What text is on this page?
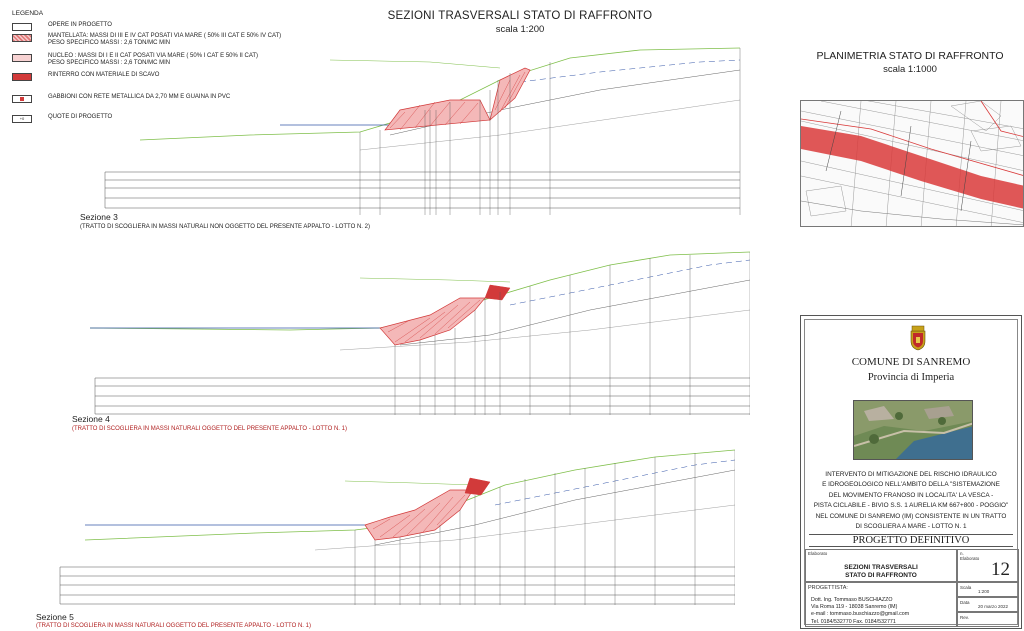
LEGENDA
OPERE IN PROGETTO
MANTELLATA: MASSI DI III E IV CAT POSATI VIA MARE ( 50% III CAT E 50% IV CAT)
PESO SPECIFICO MASSI : 2,6 TON/MC MIN
NUCLEO : MASSI DI I E II CAT POSATI VIA MARE ( 50% I CAT E 50% II CAT)
PESO SPECIFICO MASSI : 2,6 TON/MC MIN
RINTERRO CON MATERIALE DI SCAVO
GABBIONI CON RETE METALLICA DA 2,70 MM E GUAINA IN PVC
+0	QUOTE DI PROGETTO
SEZIONI TRASVERSALI STATO DI RAFFRONTO
scala 1:200
PLANIMETRIA STATO DI RAFFRONTO
scala 1:1000
Sezione 3
(TRATTO DI SCOGLIERA IN MASSI NATURALI NON OGGETTO DEL PRESENTE APPALTO - LOTTO N. 2)
Sezione 4
(TRATTO DI SCOGLIERA IN MASSI NATURALI OGGETTO DEL PRESENTE APPALTO - LOTTO N. 1)
Sezione 5
(TRATTO DI SCOGLIERA IN MASSI NATURALI OGGETTO DEL PRESENTE APPALTO - LOTTO N. 1)
COMUNE DI SANREMO
Provincia di Imperia
INTERVENTO DI MITIGAZIONE DEL RISCHIO IDRAULICO
E IDROGEOLOGICO NELL'AMBITO DELLA "SISTEMAZIONE
DEL MOVIMENTO FRANOSO IN LOCALITA' LA VESCA -
PISTA CICLABILE - BIVIO S.S. 1 AURELIA KM 667+800 - POGGIO"
NEL COMUNE DI SANREMO (IM) CONSISTENTE IN UN TRATTO
DI SCOGLIERA A MARE - LOTTO N. 1
PROGETTO DEFINITIVO
Elaborato
SEZIONI TRASVERSALI
STATO DI RAFFRONTO
n.
Elaborato
12
PROGETTISTA:
Dott. Ing. Tommaso BUSCHIAZZO
Via Roma 119 - 18038 Sanremo (IM)
e-mail : tommaso.buschiazzo@gmail.com
Tel. 0184/532770 Fax. 0184/532771
Scala
1:200
Data
20 marzo 2022
Rev.
